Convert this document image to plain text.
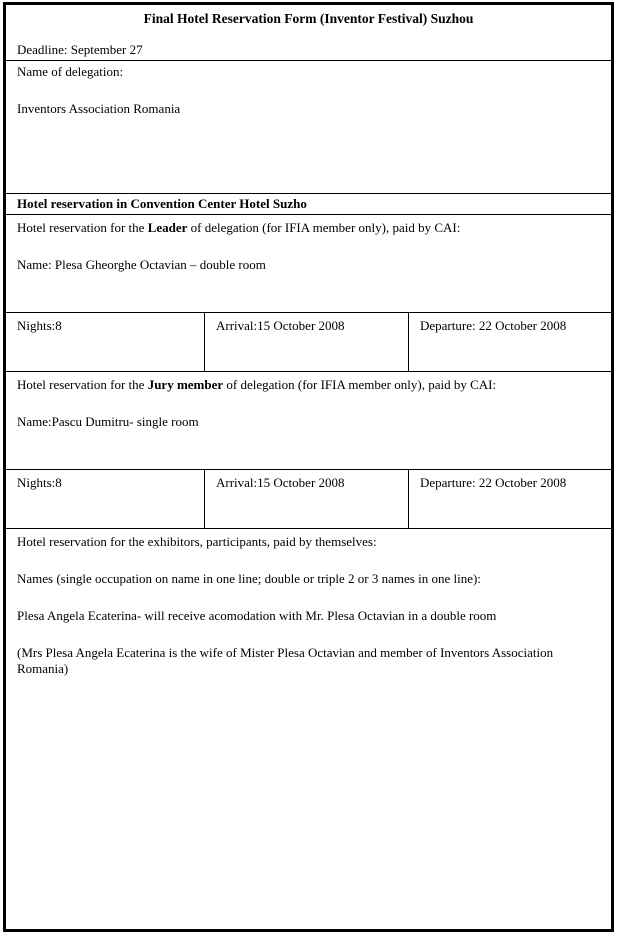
Final Hotel Reservation Form (Inventor Festival) Suzhou
Deadline: September 27
Name of delegation:
Inventors Association Romania
Hotel reservation in Convention Center Hotel Suzho
Hotel reservation for the Leader of delegation (for IFIA member only), paid by CAI:
Name: Plesa Gheorghe Octavian – double room
Nights:8	Arrival:15 October 2008	Departure: 22 October 2008
Hotel reservation for the Jury member of delegation (for IFIA member only), paid by CAI:
Name:Pascu Dumitru- single room
Nights:8	Arrival:15 October 2008	Departure: 22 October 2008
Hotel reservation for the exhibitors, participants, paid by themselves:
Names (single occupation on name in one line; double or triple 2 or 3 names in one line):
Plesa Angela Ecaterina- will receive acomodation with Mr. Plesa Octavian in a double room
(Mrs Plesa Angela Ecaterina is the wife of Mister Plesa Octavian and member of Inventors Association Romania)
